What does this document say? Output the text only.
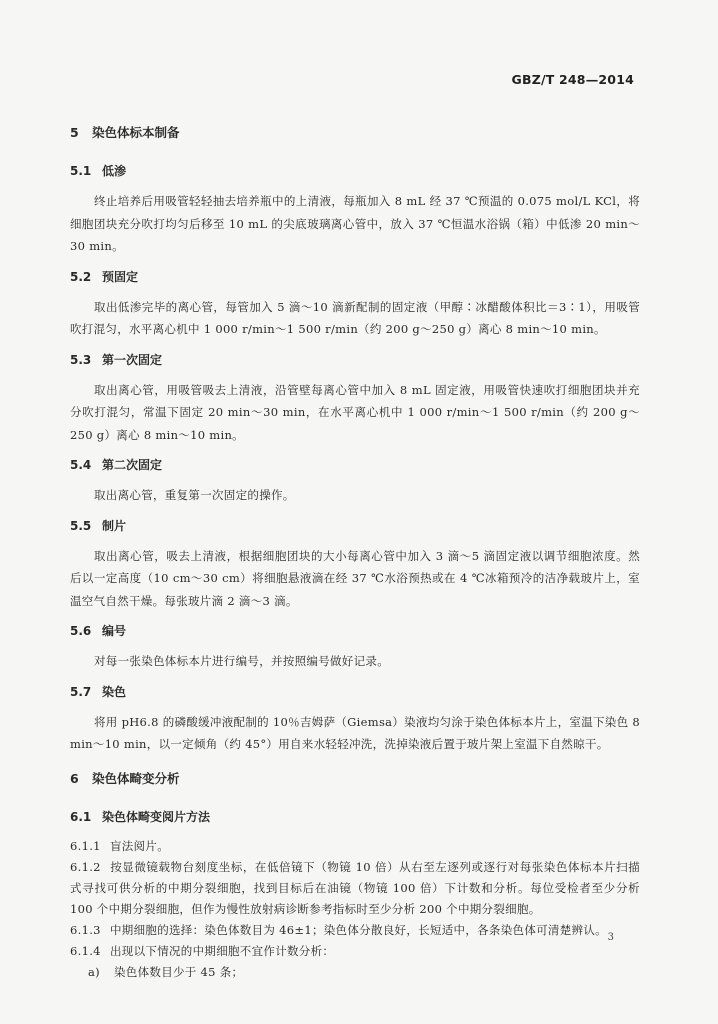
GBZ/T 248—2014
5 染色体标本制备
5.1 低渗

终止培养后用吸管轻轻抽去培养瓶中的上清液，每瓶加入 8 mL 经 37 ℃预温的 0.075 mol/L KCl，将细胞团块充分吹打均匀后移至 10 mL 的尖底玻璃离心管中，放入 37 ℃恒温水浴锅（箱）中低渗 20 min～30 min。

5.2 预固定

取出低渗完毕的离心管，每管加入 5 滴～10 滴新配制的固定液（甲醇∶冰醋酸体积比＝3∶1），用吸管吹打混匀，水平离心机中 1 000 r/min～1 500 r/min（约 200 g～250 g）离心 8 min～10 min。

5.3 第一次固定

取出离心管，用吸管吸去上清液，沿管壁每离心管中加入 8 mL 固定液，用吸管快速吹打细胞团块并充分吹打混匀，常温下固定 20 min～30 min，在水平离心机中 1 000 r/min～1 500 r/min（约 200 g～250 g）离心 8 min～10 min。

5.4 第二次固定

取出离心管，重复第一次固定的操作。

5.5 制片

取出离心管，吸去上清液，根据细胞团块的大小每离心管中加入 3 滴～5 滴固定液以调节细胞浓度。然后以一定高度（10 cm～30 cm）将细胞悬液滴在经 37 ℃水浴预热或在 4 ℃冰箱预冷的洁净载玻片上，室温空气自然干燥。每张玻片滴 2 滴～3 滴。

5.6 编号

对每一张染色体标本片进行编号，并按照编号做好记录。

5.7 染色

将用 pH6.8 的磷酸缓冲液配制的 10％吉姆萨（Giemsa）染液均匀涂于染色体标本片上，室温下染色 8 min～10 min，以一定倾角（约 45°）用自来水轻轻冲洗，洗掉染液后置于玻片架上室温下自然晾干。

6 染色体畸变分析
6.1 染色体畸变阅片方法

6.1.1 盲法阅片。

6.1.2 按显微镜载物台刻度坐标，在低倍镜下（物镜 10 倍）从右至左逐列或逐行对每张染色体标本片扫描式寻找可供分析的中期分裂细胞，找到目标后在油镜（物镜 100 倍）下计数和分析。每位受检者至少分析 100 个中期分裂细胞，但作为慢性放射病诊断参考指标时至少分析 200 个中期分裂细胞。

6.1.3 中期细胞的选择：染色体数目为 46±1；染色体分散良好，长短适中，各条染色体可清楚辨认。

6.1.4 出现以下情况的中期细胞不宜作计数分析：

a) 染色体数目少于 45 条；

3
